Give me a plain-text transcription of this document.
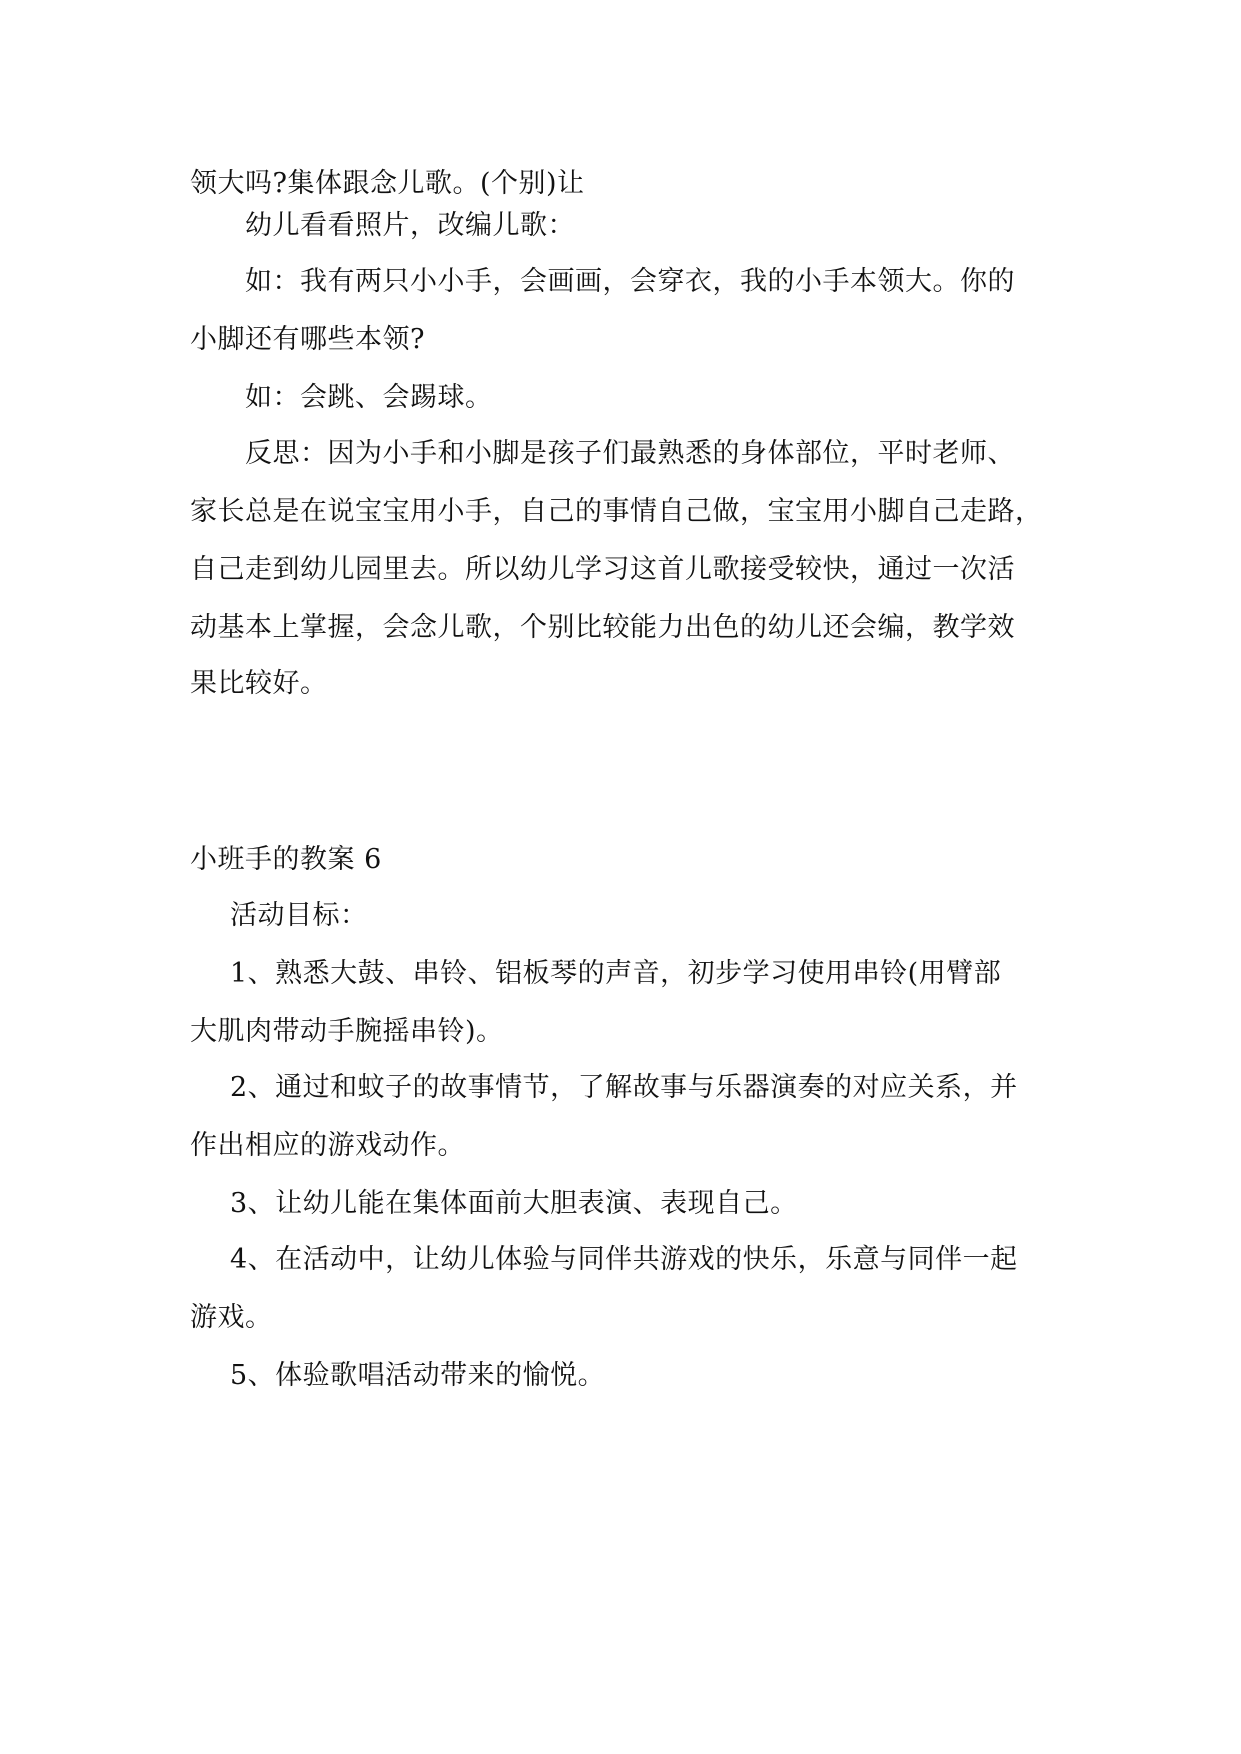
领大吗?集体跟念儿歌。(个别)让
幼儿看看照片，改编儿歌：
如：我有两只小小手，会画画，会穿衣，我的小手本领大。你的
小脚还有哪些本领?
如：会跳、会踢球。
反思：因为小手和小脚是孩子们最熟悉的身体部位，平时老师、
家长总是在说宝宝用小手，自己的事情自己做，宝宝用小脚自己走路，
自己走到幼儿园里去。所以幼儿学习这首儿歌接受较快，通过一次活
动基本上掌握，会念儿歌，个别比较能力出色的幼儿还会编，教学效
果比较好。
小班手的教案 6
活动目标：
1、熟悉大鼓、串铃、铝板琴的声音，初步学习使用串铃(用臂部
大肌肉带动手腕摇串铃)。
2、通过和蚊子的故事情节，了解故事与乐器演奏的对应关系，并
作出相应的游戏动作。
3、让幼儿能在集体面前大胆表演、表现自己。
4、在活动中，让幼儿体验与同伴共游戏的快乐，乐意与同伴一起
游戏。
5、体验歌唱活动带来的愉悦。
